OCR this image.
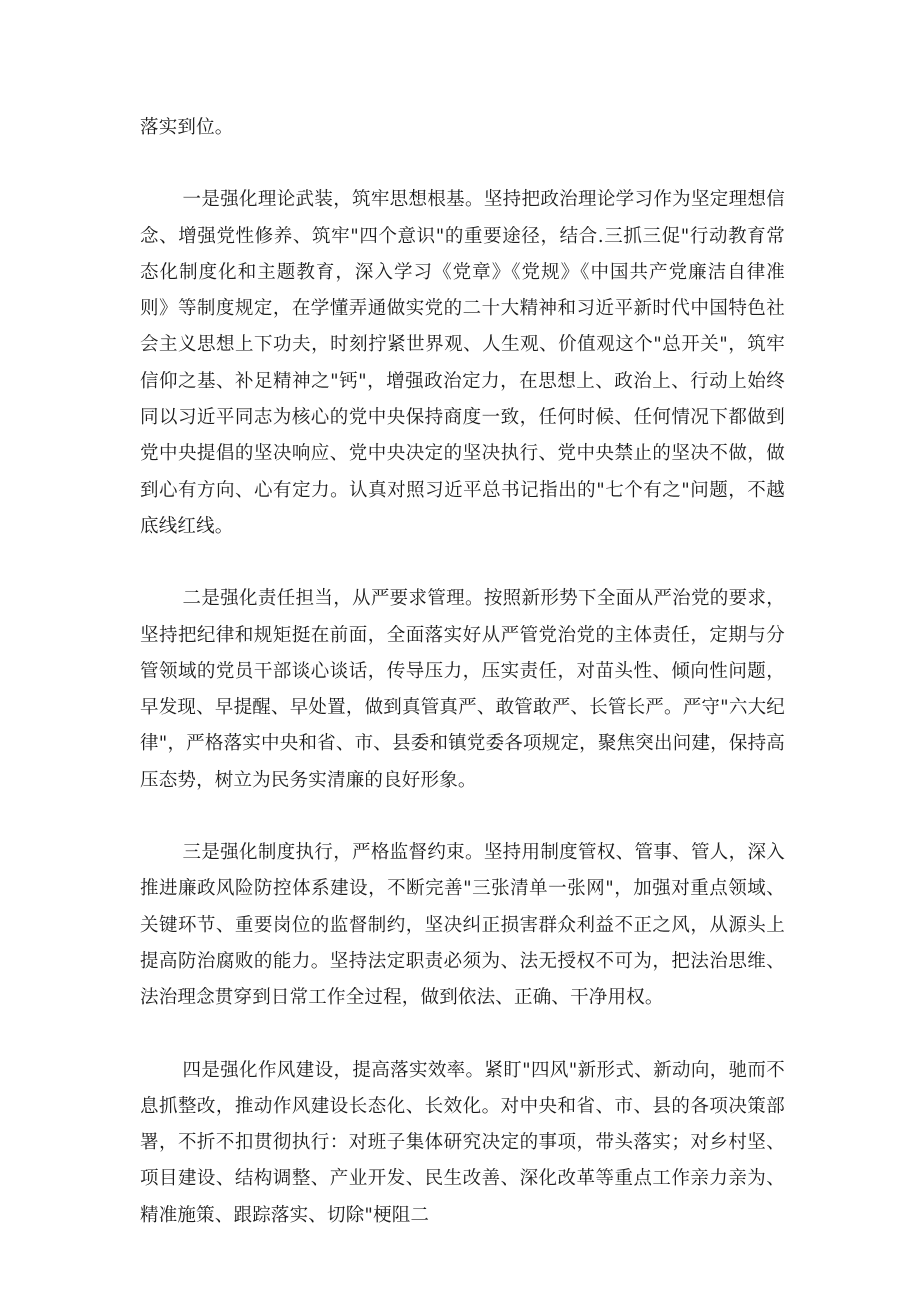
落实到位。

一是强化理论武装，筑牢思想根基。坚持把政治理论学习作为坚定理想信念、增强党性修养、筑牢"四个意识"的重要途径，结合.三抓三促"行动教育常态化制度化和主题教育，深入学习《党章》《党规》《中国共产党廉洁自律准则》等制度规定，在学懂弄通做实党的二十大精神和习近平新时代中国特色社会主义思想上下功夫，时刻拧紧世界观、人生观、价值观这个"总开关"，筑牢信仰之基、补足精神之"钙"，增强政治定力，在思想上、政治上、行动上始终同以习近平同志为核心的党中央保持商度一致，任何时候、任何情况下都做到党中央提倡的坚决响应、党中央决定的坚决执行、党中央禁止的坚决不做，做到心有方向、心有定力。认真对照习近平总书记指出的"七个有之"问题，不越底线红线。

二是强化责任担当，从严要求管理。按照新形势下全面从严治党的要求，坚持把纪律和规矩挺在前面，全面落实好从严管党治党的主体责任，定期与分管领域的党员干部谈心谈话，传导压力，压实责任，对苗头性、倾向性问题，早发现、早提醒、早处置，做到真管真严、敢管敢严、长管长严。严守"六大纪律"，严格落实中央和省、市、县委和镇党委各项规定，聚焦突出问建，保持高压态势，树立为民务实清廉的良好形象。

三是强化制度执行，严格监督约束。坚持用制度管权、管事、管人，深入推进廉政风险防控体系建设，不断完善"三张清单一张网"，加强对重点领域、关键环节、重要岗位的监督制约，坚决纠正损害群众利益不正之风，从源头上提高防治腐败的能力。坚持法定职责必须为、法无授权不可为，把法治思维、法治理念贯穿到日常工作全过程，做到依法、正确、干净用权。

四是强化作风建设，提高落实效率。紧盯"四风"新形式、新动向，驰而不息抓整改，推动作风建设长态化、长效化。对中央和省、市、县的各项决策部署，不折不扣贯彻执行：对班子集体研究决定的事项，带头落实；对乡村坚、项目建设、结构调整、产业开发、民生改善、深化改革等重点工作亲力亲为、精准施策、跟踪落实、切除"梗阻二
